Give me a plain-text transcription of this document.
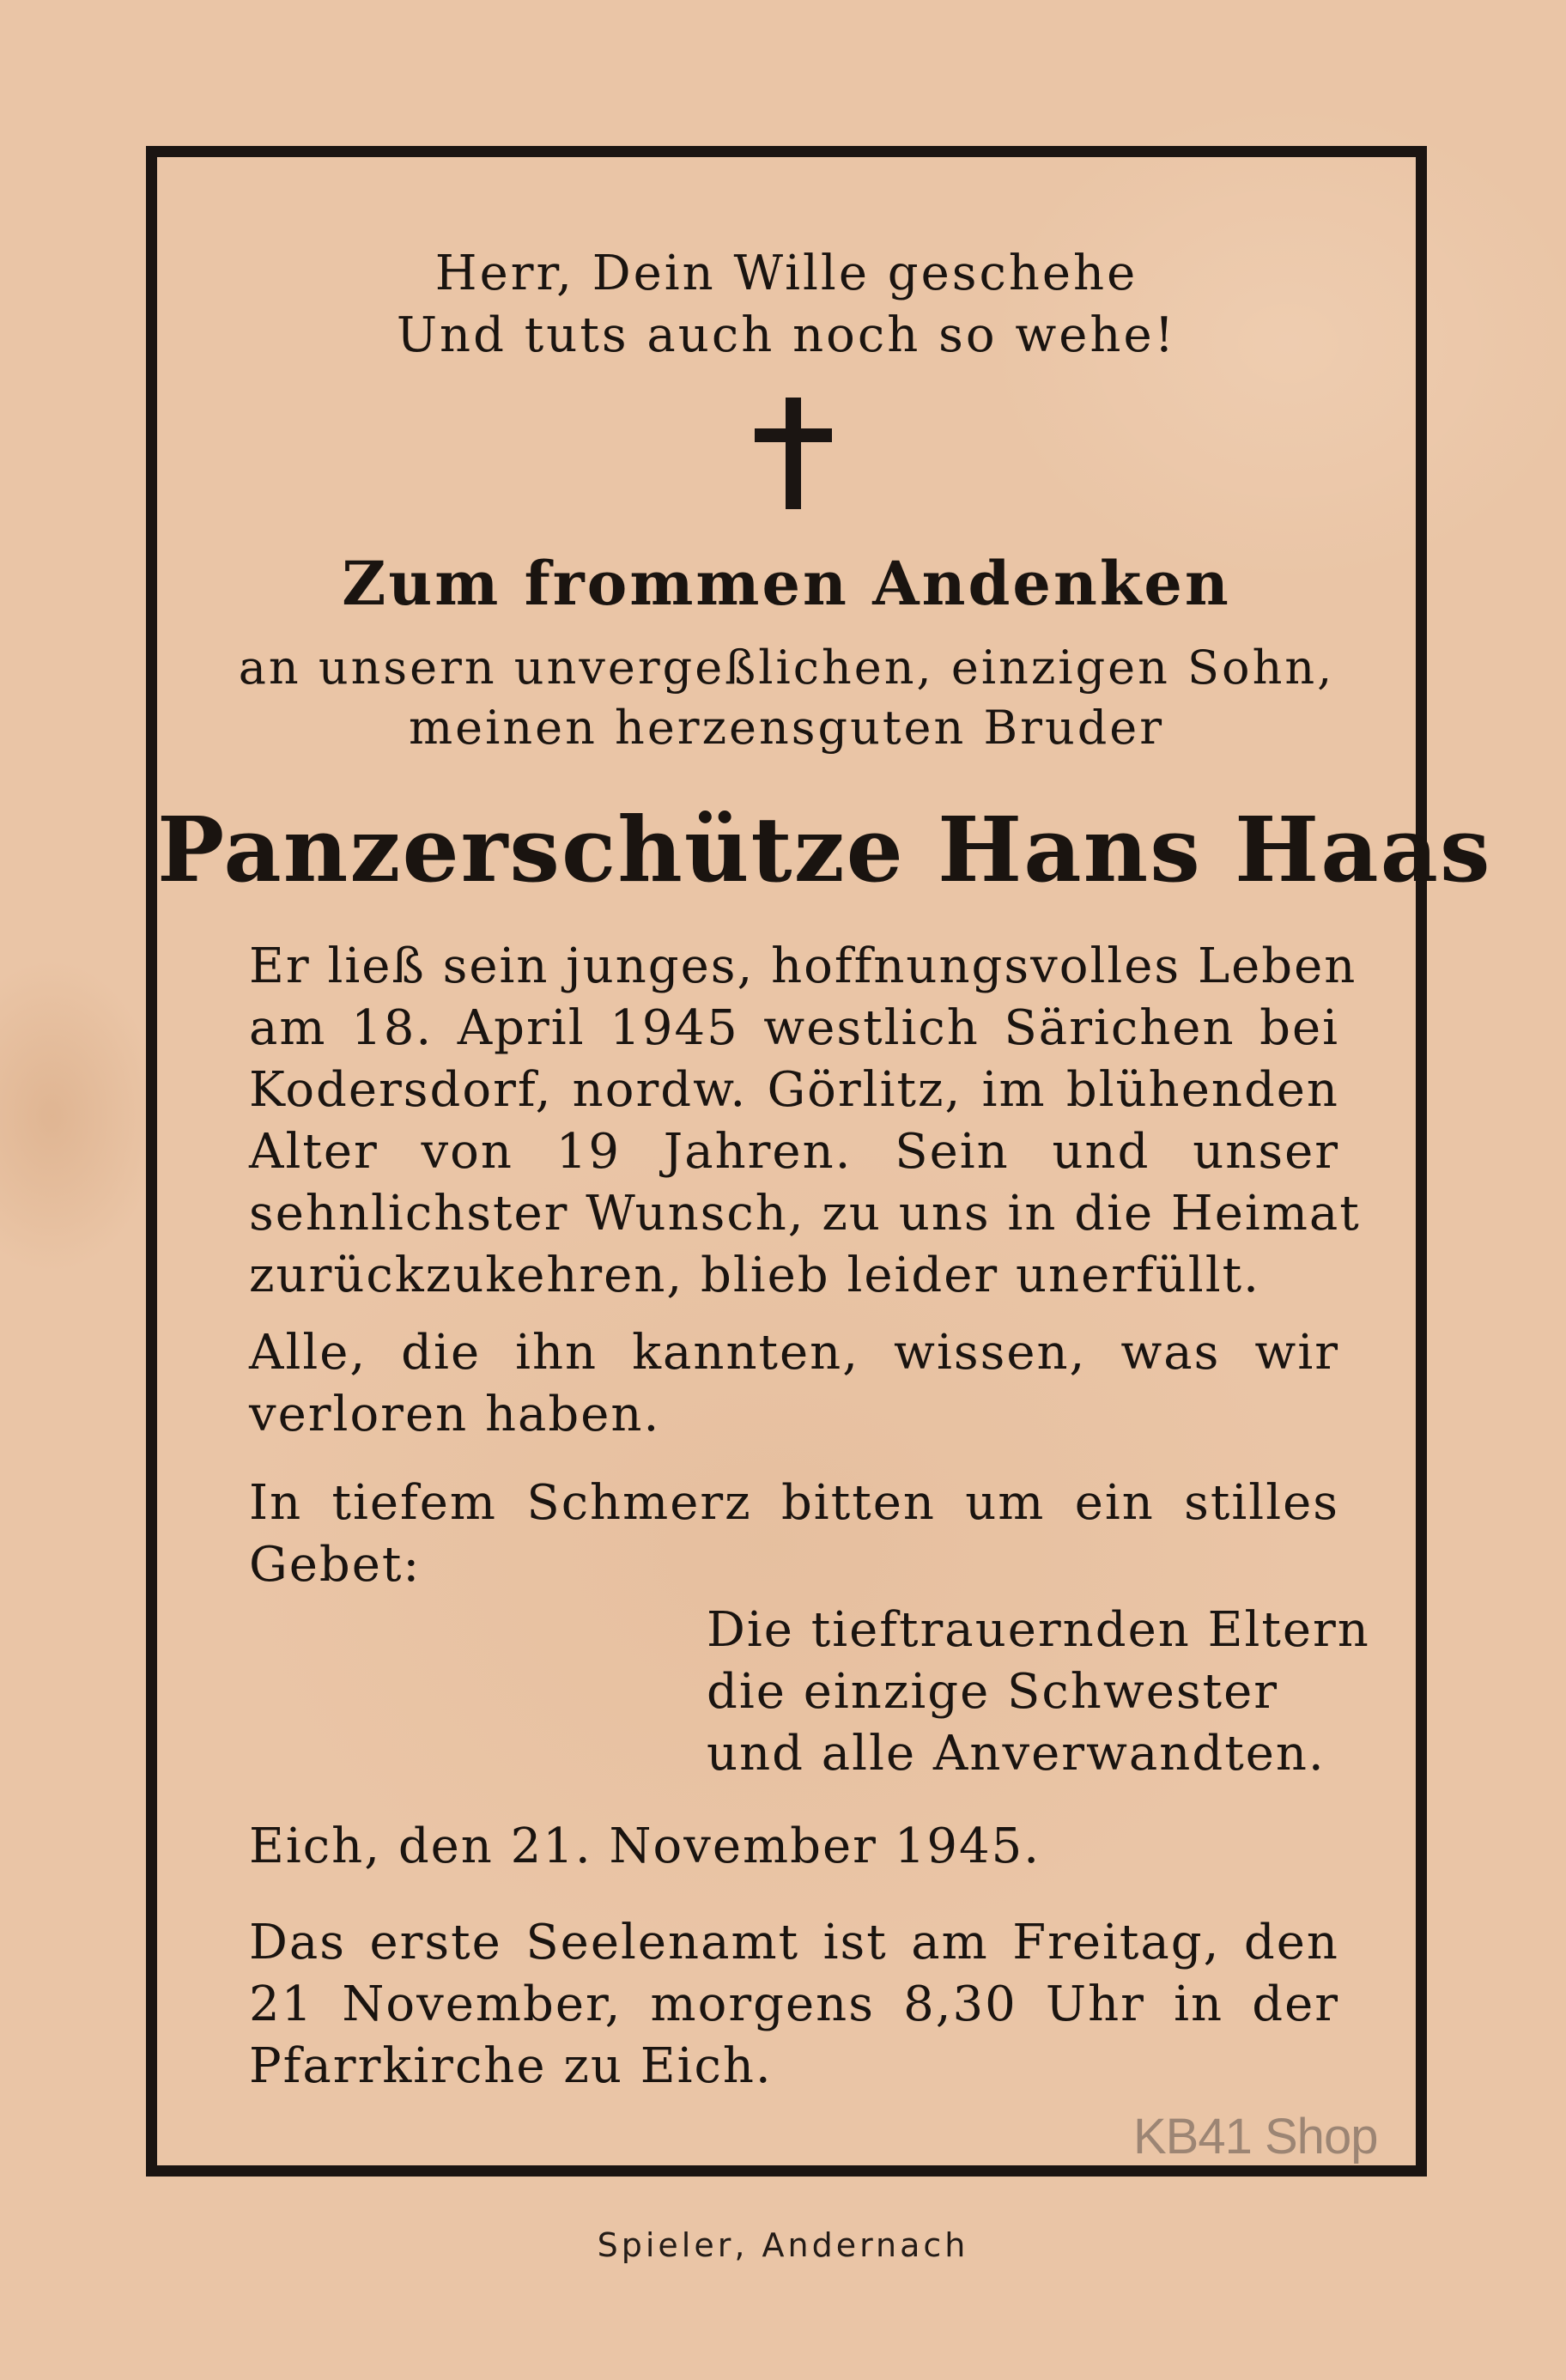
Herr, Dein Wille geschehe
Und tuts auch noch so wehe!
Zum frommen Andenken
an unsern unvergeßlichen, einzigen Sohn,
meinen herzensguten Bruder
Panzerschütze Hans Haas
Er ließ sein junges, hoffnungsvolles Leben
am 18. April 1945 westlich Särichen bei
Kodersdorf, nordw. Görlitz, im blühenden
Alter von 19 Jahren. Sein und unser
sehnlichster Wunsch, zu uns in die Heimat
zurückzukehren, blieb leider unerfüllt.
Alle, die ihn kannten, wissen, was wir
verloren haben.
In tiefem Schmerz bitten um ein stilles
Gebet:
Die tieftrauernden Eltern
die einzige Schwester
und alle Anverwandten.
Eich, den 21. November 1945.
Das erste Seelenamt ist am Freitag, den
21 November, morgens 8,30 Uhr in der
Pfarrkirche zu Eich.
KB41 Shop
Spieler, Andernach
